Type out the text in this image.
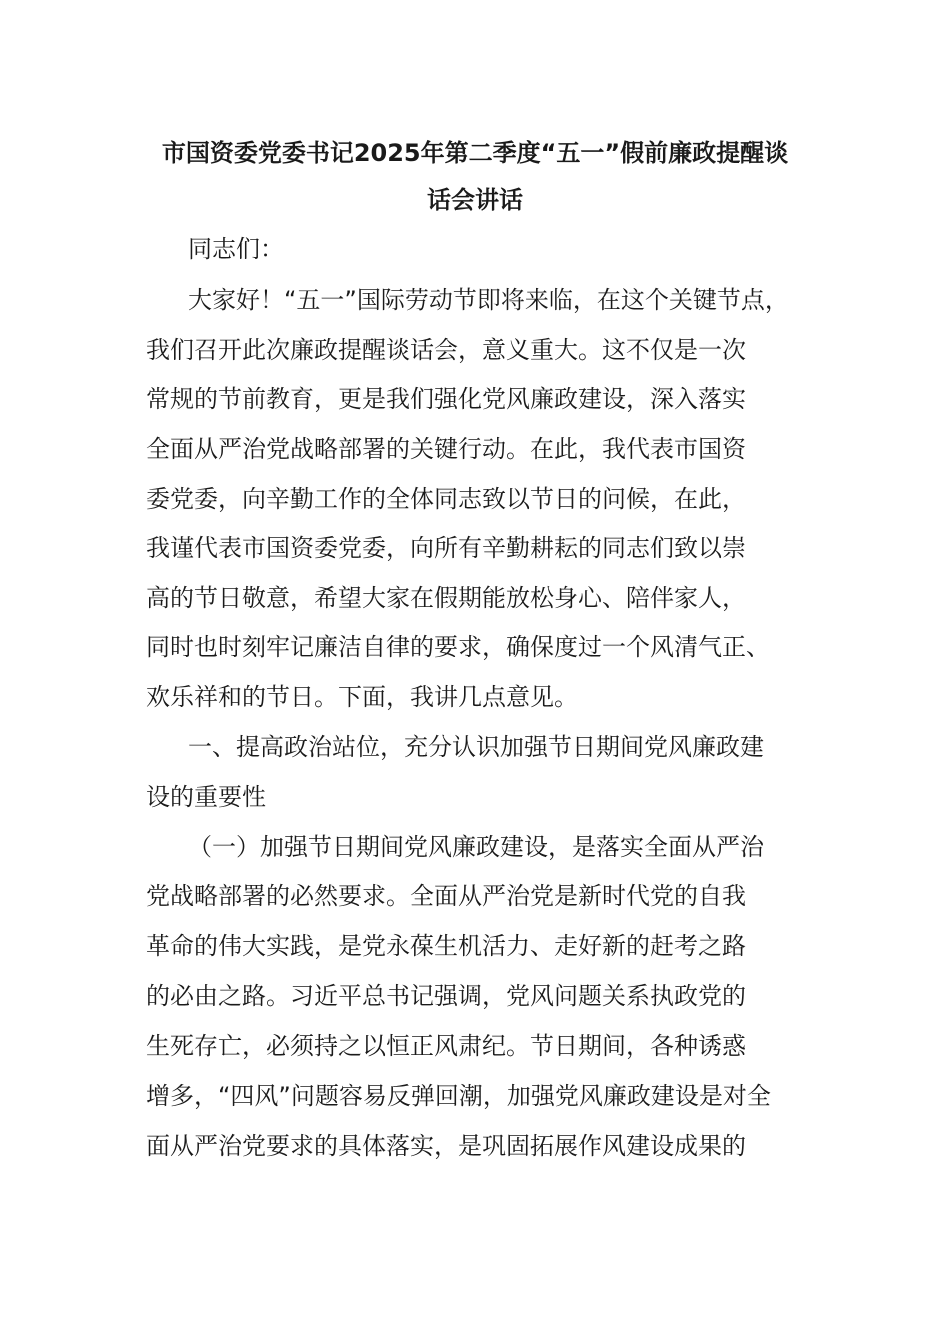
市国资委党委书记2025年第二季度“五一”假前廉政提醒谈
话会讲话

同志们：

大家好！“五一”国际劳动节即将来临，在这个关键节点，

我们召开此次廉政提醒谈话会，意义重大。这不仅是一次

常规的节前教育，更是我们强化党风廉政建设，深入落实

全面从严治党战略部署的关键行动。在此，我代表市国资

委党委，向辛勤工作的全体同志致以节日的问候，在此，

我谨代表市国资委党委，向所有辛勤耕耘的同志们致以崇

高的节日敬意，希望大家在假期能放松身心、陪伴家人，

同时也时刻牢记廉洁自律的要求，确保度过一个风清气正、

欢乐祥和的节日。下面，我讲几点意见。

一、提高政治站位，充分认识加强节日期间党风廉政建

设的重要性

（一）加强节日期间党风廉政建设，是落实全面从严治

党战略部署的必然要求。全面从严治党是新时代党的自我

革命的伟大实践，是党永葆生机活力、走好新的赶考之路

的必由之路。习近平总书记强调，党风问题关系执政党的

生死存亡，必须持之以恒正风肃纪。节日期间，各种诱惑

增多，“四风”问题容易反弹回潮，加强党风廉政建设是对全

面从严治党要求的具体落实，是巩固拓展作风建设成果的
